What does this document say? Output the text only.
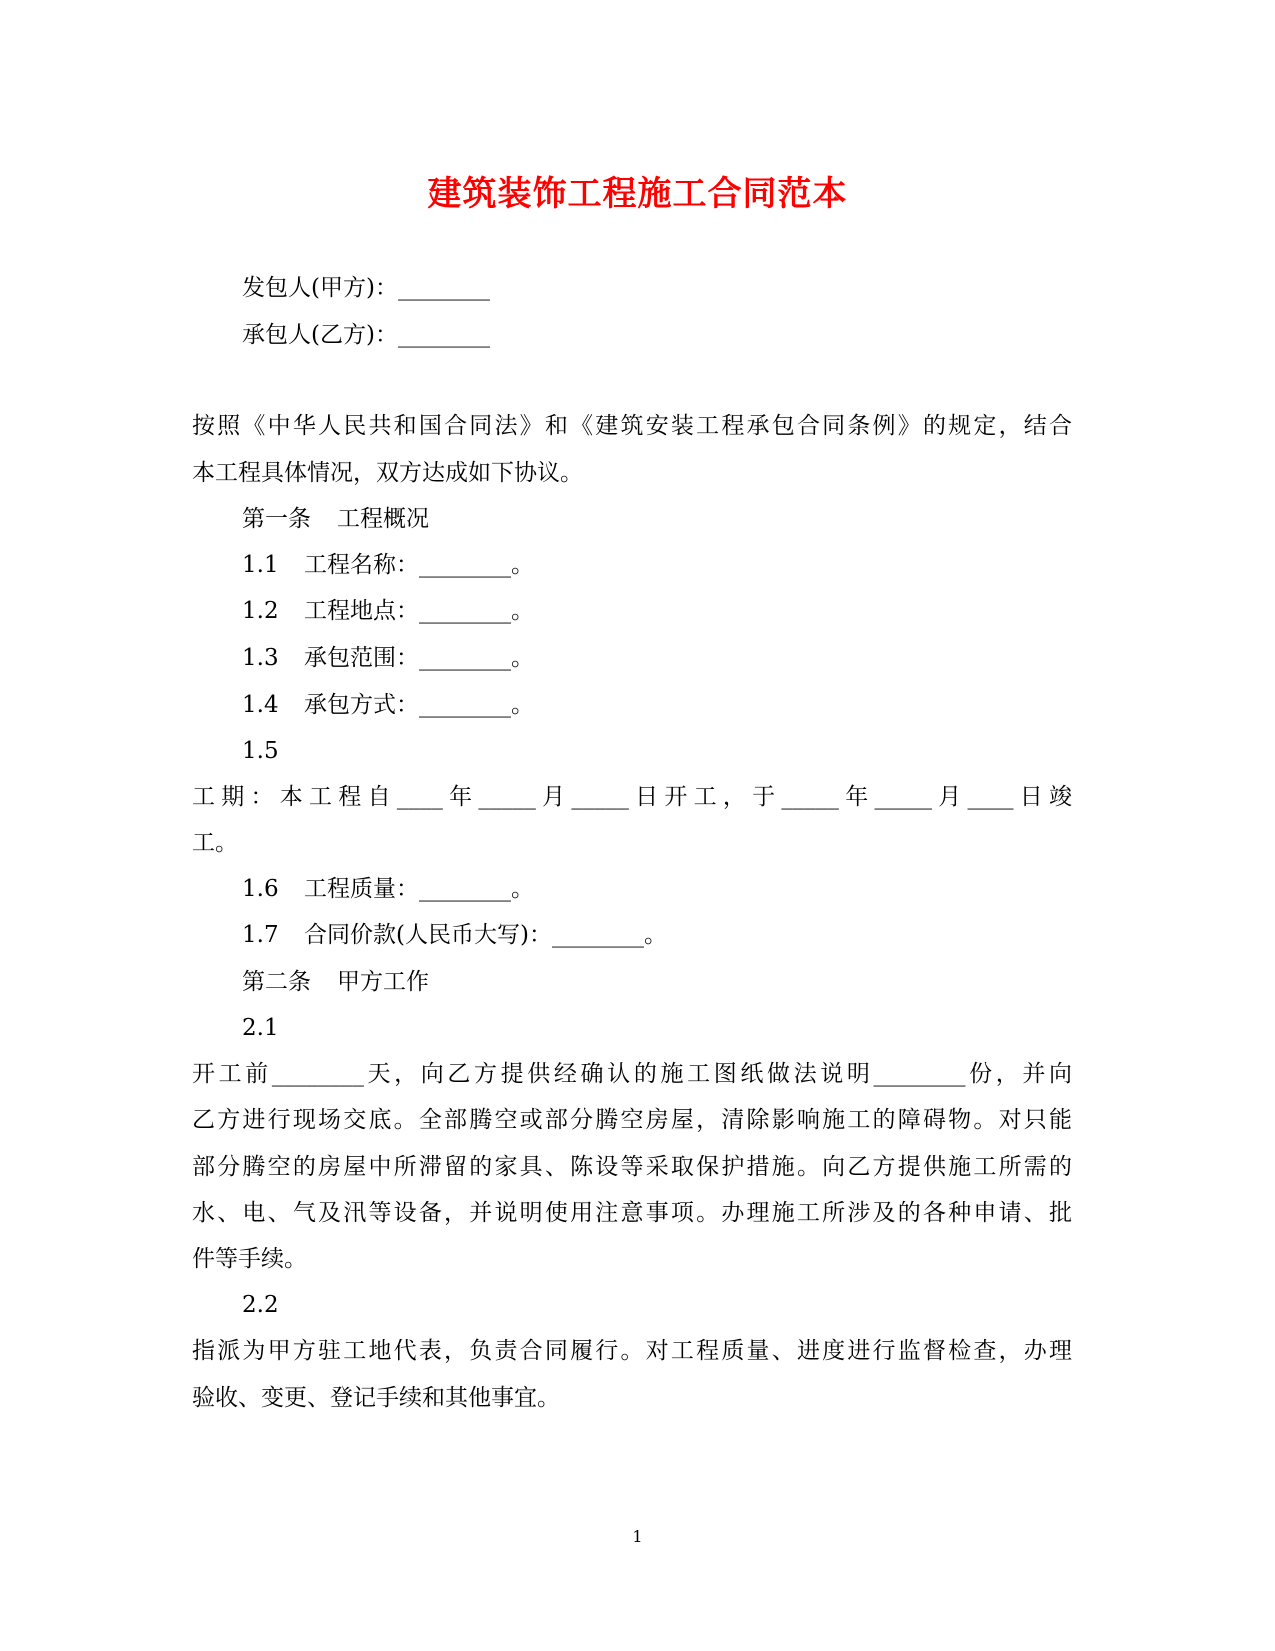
建筑装饰工程施工合同范本
发包人(甲方)：________
承包人(乙方)：________
按照《中华人民共和国合同法》和《建筑安装工程承包合同条例》的规定，结合
本工程具体情况，双方达成如下协议。
第一条 工程概况
1.1 工程名称：________。
1.2 工程地点：________。
1.3 承包范围：________。
1.4 承包方式：________。
1.5
工期：本工程自____年_____月_____日开工，于_____年_____月____日竣
工。
1.6 工程质量：________。
1.7 合同价款(人民币大写)：________。
第二条 甲方工作
2.1
开工前________天，向乙方提供经确认的施工图纸做法说明________份，并向
乙方进行现场交底。全部腾空或部分腾空房屋，清除影响施工的障碍物。对只能
部分腾空的房屋中所滞留的家具、陈设等采取保护措施。向乙方提供施工所需的
水、电、气及汛等设备，并说明使用注意事项。办理施工所涉及的各种申请、批
件等手续。
2.2
指派为甲方驻工地代表，负责合同履行。对工程质量、进度进行监督检查，办理
验收、变更、登记手续和其他事宜。
1
